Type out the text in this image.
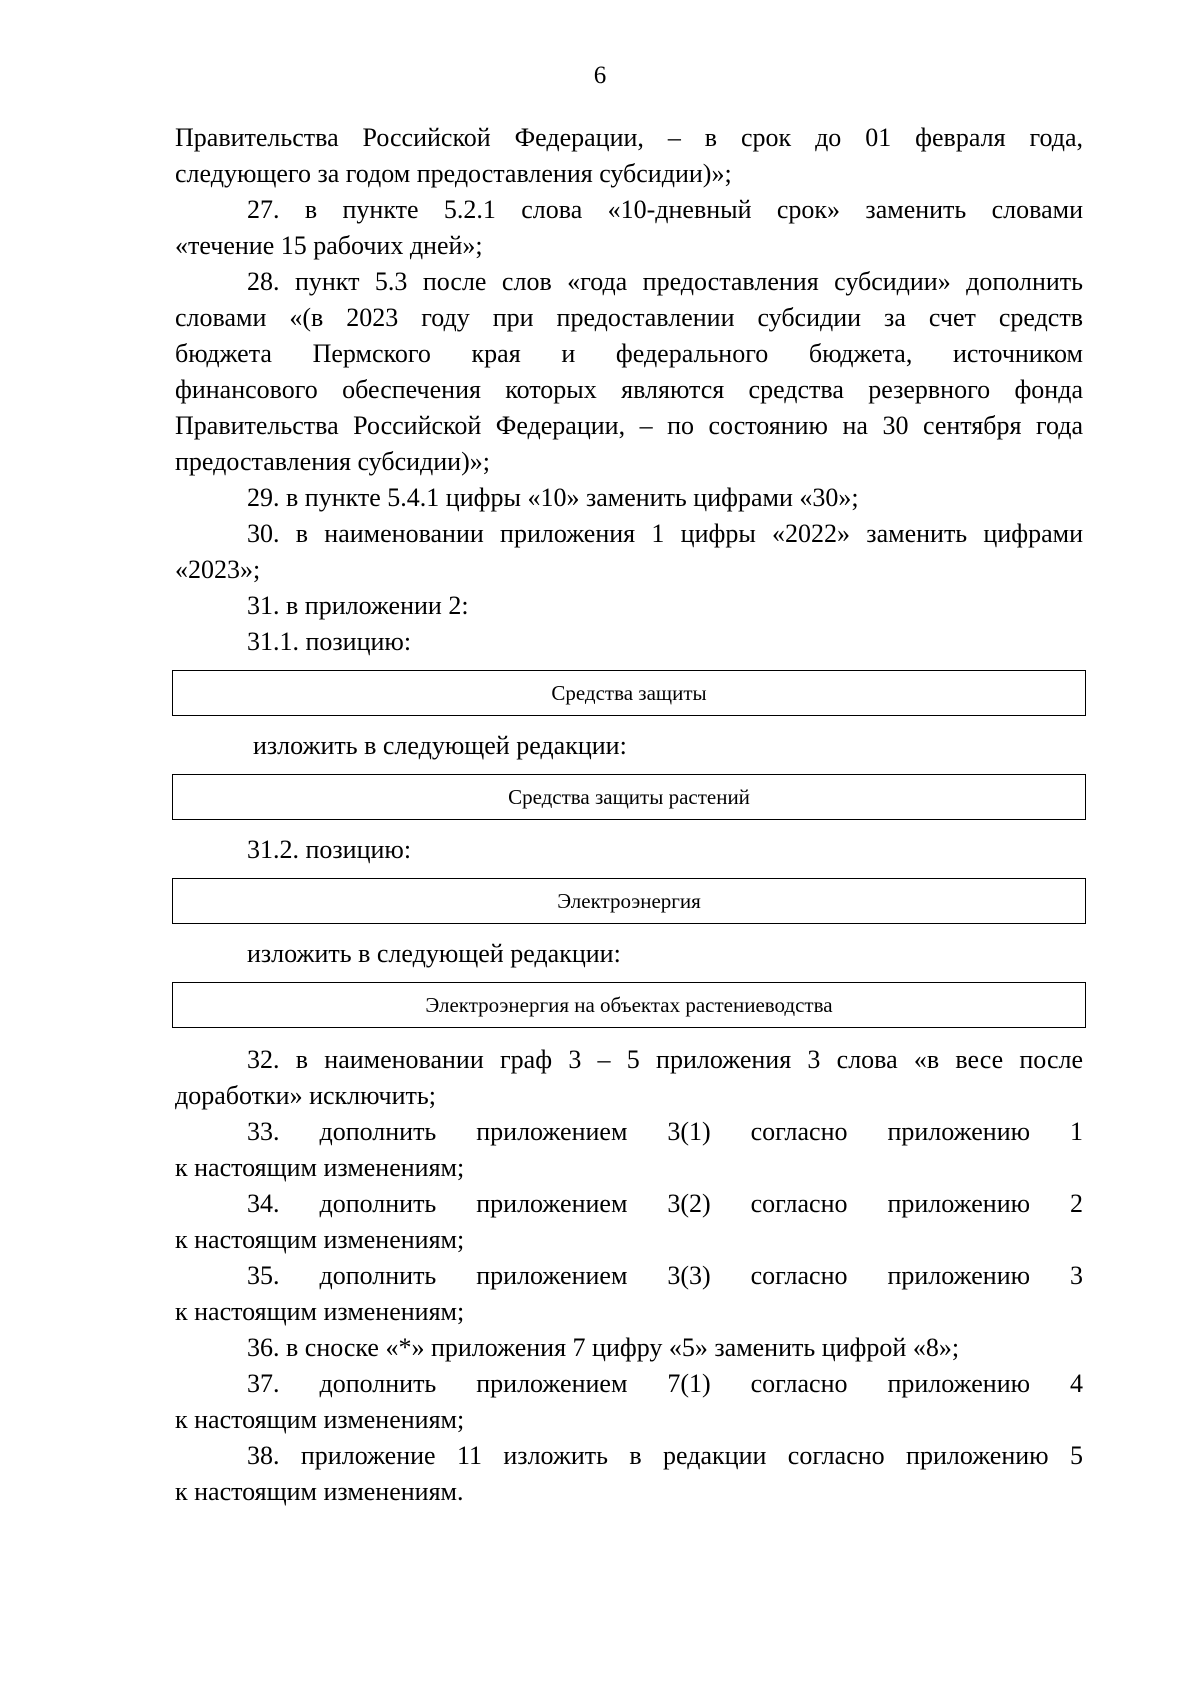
6
Правительства Российской Федерации, – в срок до 01 февраля года,
следующего за годом предоставления субсидии)»;
27. в пункте 5.2.1 слова «10-дневный срок» заменить словами
«течение 15 рабочих дней»;
28. пункт 5.3 после слов «года предоставления субсидии» дополнить
словами «(в 2023 году при предоставлении субсидии за счет средств
бюджета Пермского края и федерального бюджета, источником
финансового обеспечения которых являются средства резервного фонда
Правительства Российской Федерации, – по состоянию на 30 сентября года
предоставления субсидии)»;
29. в пункте 5.4.1 цифры «10» заменить цифрами «30»;
30. в наименовании приложения 1 цифры «2022» заменить цифрами
«2023»;
31. в приложении 2:
31.1. позицию:
Средства защиты
изложить в следующей редакции:
Средства защиты растений
31.2. позицию:
Электроэнергия
изложить в следующей редакции:
Электроэнергия на объектах растениеводства
32. в наименовании граф 3 – 5 приложения 3 слова «в весе после
доработки» исключить;
33. дополнить приложением 3(1) согласно приложению 1
к настоящим изменениям;
34. дополнить приложением 3(2) согласно приложению 2
к настоящим изменениям;
35. дополнить приложением 3(3) согласно приложению 3
к настоящим изменениям;
36. в сноске «*» приложения 7 цифру «5» заменить цифрой «8»;
37. дополнить приложением 7(1) согласно приложению 4
к настоящим изменениям;
38. приложение 11 изложить в редакции согласно приложению 5
к настоящим изменениям.
